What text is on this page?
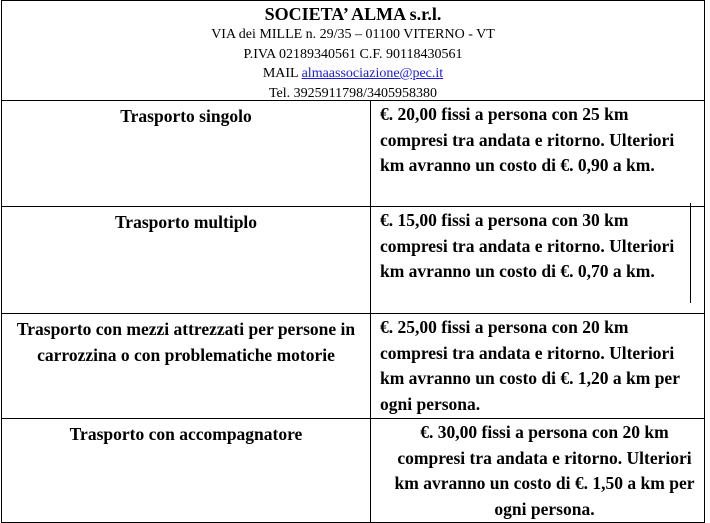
SOCIETA’ ALMA s.r.l.
VIA dei MILLE n. 29/35 – 01100 VITERNO - VT
P.IVA 02189340561 C.F. 90118430561
MAIL almaassociazione@pec.it
Tel. 3925911798/3405958380
Trasporto singolo	€. 20,00 fissi a persona con 25 km compresi tra andata e ritorno. Ulteriori km avranno un costo di €. 0,90 a km.

Trasporto multiplo	€. 15,00 fissi a persona con 30 km compresi tra andata e ritorno. Ulteriori km avranno un costo di €. 0,70 a km.

Trasporto con mezzi attrezzati per persone in carrozzina o con problematiche motorie	€. 25,00 fissi a persona con 20 km compresi tra andata e ritorno. Ulteriori km avranno un costo di €. 1,20 a km per ogni persona.

Trasporto con accompagnatore	€. 30,00 fissi a persona con 20 km compresi tra andata e ritorno. Ulteriori km avranno un costo di €. 1,50 a km per ogni persona.
